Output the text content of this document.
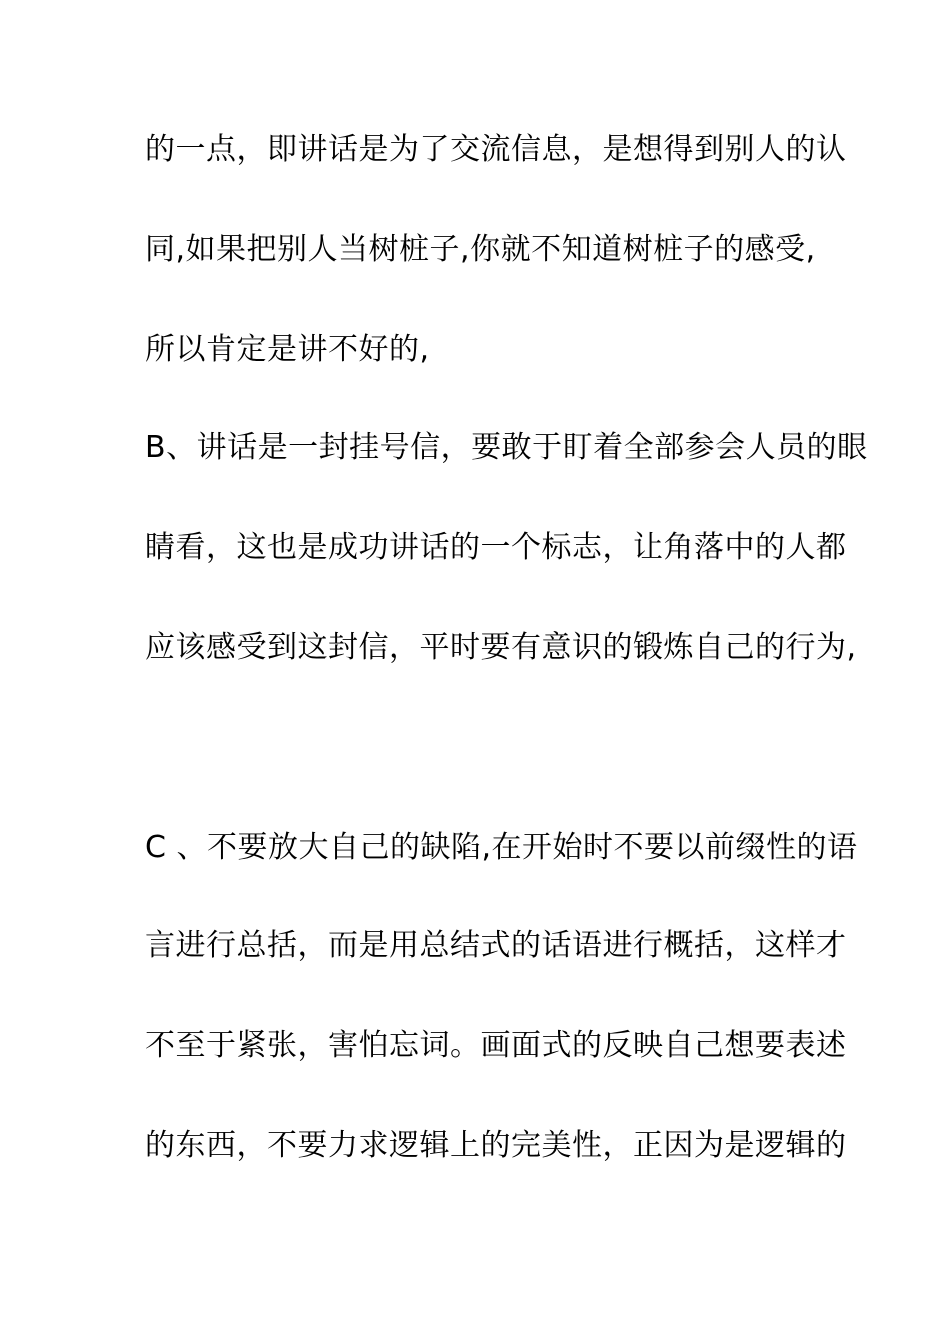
的一点，即讲话是为了交流信息，是想得到别人的认
同,如果把别人当树桩子,你就不知道树桩子的感受,
所以肯定是讲不好的,
B、讲话是一封挂号信，要敢于盯着全部参会人员的眼
睛看，这也是成功讲话的一个标志，让角落中的人都
应该感受到这封信，平时要有意识的锻炼自己的行为,
C 、不要放大自己的缺陷,在开始时不要以前缀性的语
言进行总括，而是用总结式的话语进行概括，这样才
不至于紧张，害怕忘词。画面式的反映自己想要表述
的东西，不要力求逻辑上的完美性，正因为是逻辑的
